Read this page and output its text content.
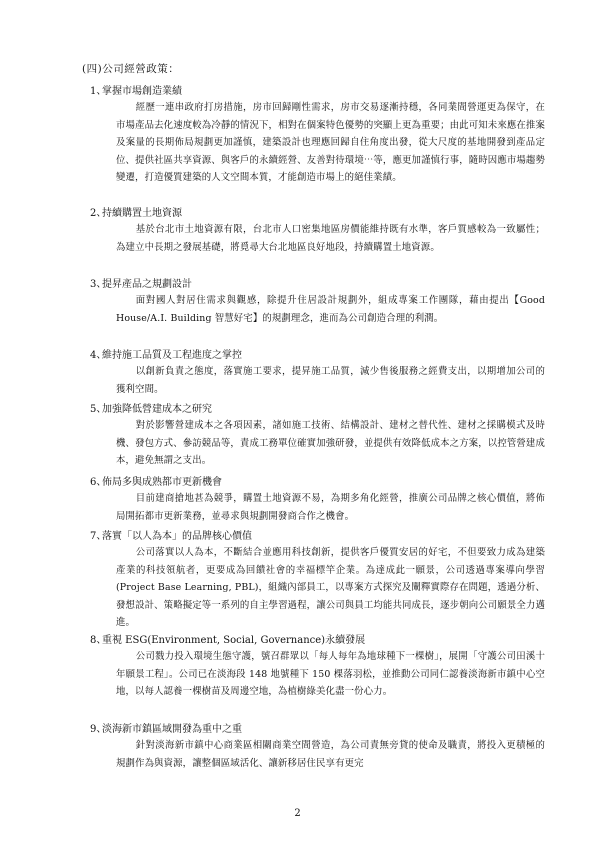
(四)公司經營政策：
1、掌握市場創造業績
經歷一連串政府打房措施，房市回歸剛性需求，房市交易逐漸持穩，各同業間營運更為保守，在市場產品去化速度較為冷靜的情況下，相對在個案特色優勢的突顯上更為重要；由此可知未來應在推案及案量的長期佈局規劃更加謹慎，建築設計也理應回歸自住角度出發，從大尺度的基地開發到產品定位、提供社區共享資源、與客戶的永續經營、友善對待環境⋯等，應更加謹慎行事，隨時因應市場趨勢變遷，打造優質建築的人文空間本質，才能創造市場上的絕佳業績。
2、持續購置土地資源
基於台北市土地資源有限，台北市人口密集地區房價能維持既有水準，客戶質感較為一致屬性；為建立中長期之發展基礎，將覓尋大台北地區良好地段，持續購置土地資源。
3、提昇產品之規劃設計
面對國人對居住需求與觀感，除提升住居設計規劃外，組成專案工作團隊，藉由提出【Good House/A.I. Building 智慧好宅】的規劃理念，進而為公司創造合理的利潤。
4、維持施工品質及工程進度之掌控
以創新負責之態度，落實施工要求，提昇施工品質，減少售後服務之經費支出，以期增加公司的獲利空間。
5、加強降低營建成本之研究
對於影響營建成本之各項因素，諸如施工技術、結構設計、建材之替代性、建材之採購模式及時機、發包方式、參訪競品等，責成工務單位確實加強研發，並提供有效降低成本之方案，以控管營建成本，避免無謂之支出。
6、佈局多與成熟都市更新機會
目前建商搶地甚為競爭，購置土地資源不易，為期多角化經營，推廣公司品牌之核心價值，將佈局開拓都市更新業務，並尋求與規劃開發商合作之機會。
7、落實「以人為本」的品牌核心價值
公司落實以人為本，不斷結合並應用科技創新，提供客戶優質安居的好宅，不但要致力成為建築產業的科技領航者，更要成為回饋社會的幸福標竿企業。為達成此一願景，公司透過專案導向學習(Project Base Learning, PBL)，組織內部員工，以專案方式探究及闡釋實際存在問題，透過分析、發想設計、策略擬定等一系列的自主學習過程，讓公司與員工均能共同成長，逐步朝向公司願景全力邁進。
8、重視 ESG(Environment, Social, Governance)永續發展
公司戮力投入環境生態守護，號召群眾以「每人每年為地球種下一棵樹」，展開「守護公司田溪十年願景工程」。公司已在淡海段 148 地號種下 150 棵落羽松，並推動公司同仁認養淡海新市鎮中心空地，以每人認養一棵樹苗及周邊空地，為植樹綠美化盡一份心力。
9、淡海新市鎮區域開發為重中之重
針對淡海新市鎮中心商業區相關商業空間營造，為公司責無旁貸的使命及職責，將投入更積極的規劃作為與資源，讓整個區域活化、讓新移居住民享有更完
2
